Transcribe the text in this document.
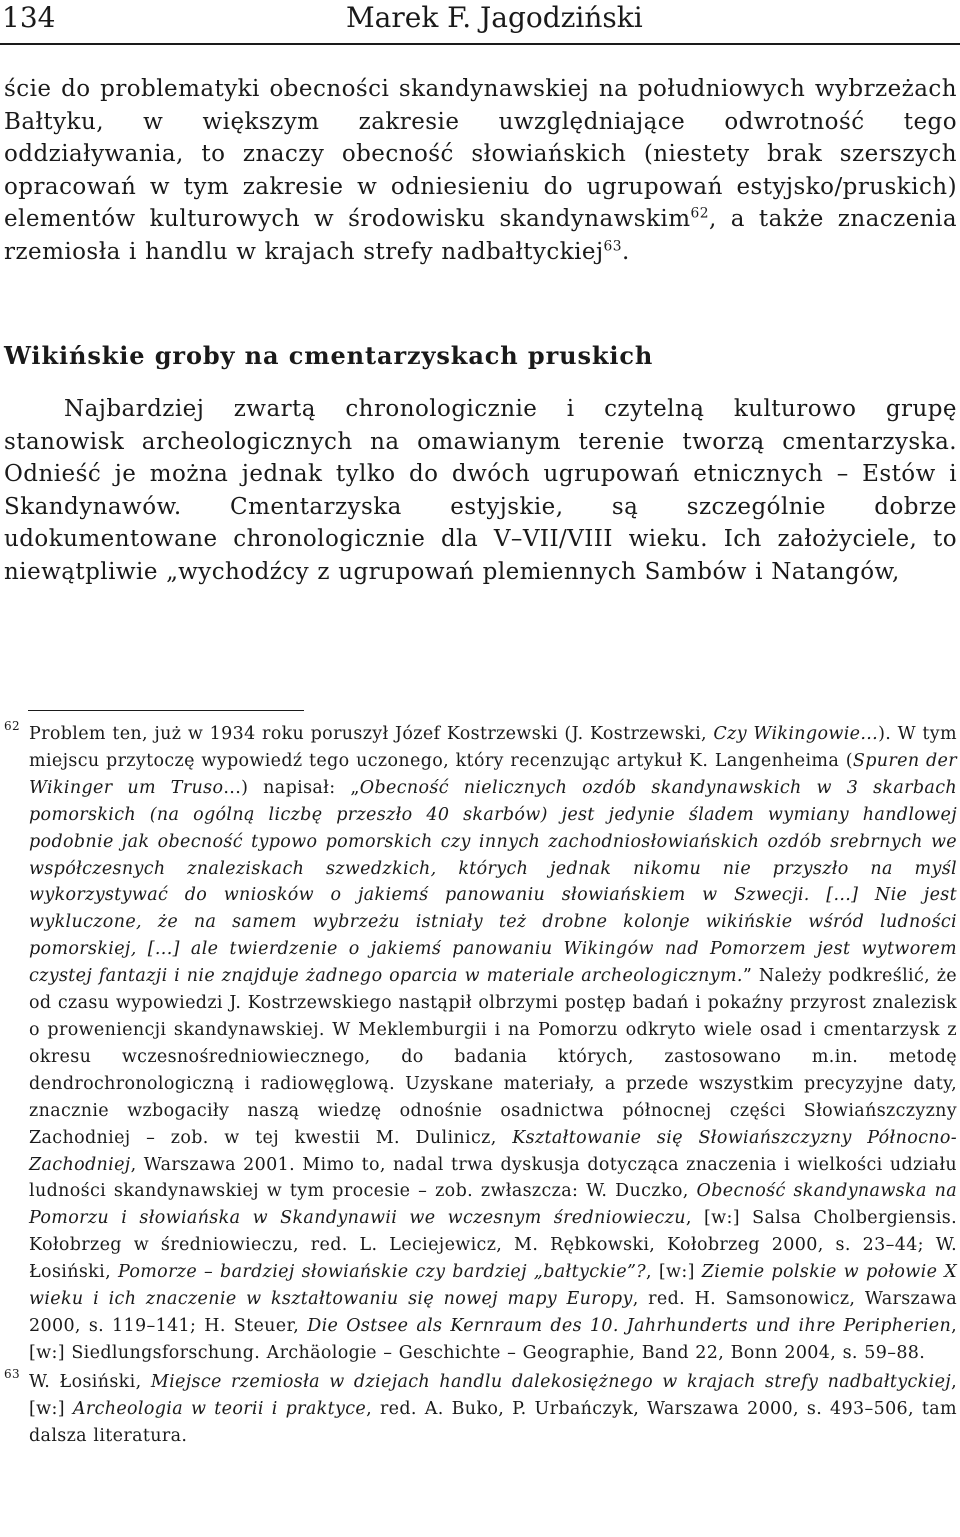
134	Marek F. Jagodziński

ście do problematyki obecności skandynawskiej na południowych wybrzeżach Bałtyku, w większym zakresie uwzględniające odwrotność tego oddziaływania, to znaczy obecność słowiańskich (niestety brak szerszych opracowań w tym zakresie w odniesieniu do ugrupowań estyjsko/pruskich) elementów kulturowych w środowisku skandynawskim$^{62}$, a także znaczenia rzemiosła i handlu w krajach strefy nadbałtyckiej$^{63}$.

Wikińskie groby na cmentarzyskach pruskich

Najbardziej zwartą chronologicznie i czytelną kulturowo grupę stanowisk archeologicznych na omawianym terenie tworzą cmentarzyska. Odnieść je można jednak tylko do dwóch ugrupowań etnicznych – Estów i Skandynawów. Cmentarzyska estyjskie, są szczególnie dobrze udokumentowane chronologicznie dla V–VII/VIII wieku. Ich założyciele, to niewątpliwie „wychodźcy z ugrupowań plemiennych Sambów i Natangów,

62 Problem ten, już w 1934 roku poruszył Józef Kostrzewski (J. Kostrzewski, Czy Wikingowie...). W tym miejscu przytoczę wypowiedź tego uczonego, który recenzując artykuł K. Langenheima (Spuren der Wikinger um Truso...) napisał: „Obecność nielicznych ozdób skandynawskich w 3 skarbach pomorskich (na ogólną liczbę przeszło 40 skarbów) jest jedynie śladem wymiany handlowej podobnie jak obecność typowo pomorskich czy innych zachodniosłowiańskich ozdób srebrnych we współczesnych znaleziskach szwedzkich, których jednak nikomu nie przyszło na myśl wykorzystywać do wniosków o jakiemś panowaniu słowiańskiem w Szwecji. [...] Nie jest wykluczone, że na samem wybrzeżu istniały też drobne kolonje wikińskie wśród ludności pomorskiej, [...] ale twierdzenie o jakiemś panowaniu Wikingów nad Pomorzem jest wytworem czystej fantazji i nie znajduje żadnego oparcia w materiale archeologicznym.” Należy podkreślić, że od czasu wypowiedzi J. Kostrzewskiego nastąpił olbrzymi postęp badań i pokaźny przyrost znalezisk o proweniencji skandynawskiej. W Meklemburgii i na Pomorzu odkryto wiele osad i cmentarzysk z okresu wczesnośredniowiecznego, do badania których, zastosowano m.in. metodę dendrochronologiczną i radiowęglową. Uzyskane materiały, a przede wszystkim precyzyjne daty, znacznie wzbogaciły naszą wiedzę odnośnie osadnictwa północnej części Słowiańszczyzny Zachodniej – zob. w tej kwestii M. Dulinicz, Kształtowanie się Słowiańszczyzny Północno-Zachodniej, Warszawa 2001. Mimo to, nadal trwa dyskusja dotycząca znaczenia i wielkości udziału ludności skandynawskiej w tym procesie – zob. zwłaszcza: W. Duczko, Obecność skandynawska na Pomorzu i słowiańska w Skandynawii we wczesnym średniowieczu, [w:] Salsa Cholbergiensis. Kołobrzeg w średniowieczu, red. L. Leciejewicz, M. Rębkowski, Kołobrzeg 2000, s. 23–44; W. Łosiński, Pomorze – bardziej słowiańskie czy bardziej „bałtyckie”?, [w:] Ziemie polskie w połowie X wieku i ich znaczenie w kształtowaniu się nowej mapy Europy, red. H. Samsonowicz, Warszawa 2000, s. 119–141; H. Steuer, Die Ostsee als Kernraum des 10. Jahrhunderts und ihre Peripherien, [w:] Siedlungsforschung. Archäologie – Geschichte – Geographie, Band 22, Bonn 2004, s. 59–88.

63 W. Łosiński, Miejsce rzemiosła w dziejach handlu dalekosiężnego w krajach strefy nadbałtyckiej, [w:] Archeologia w teorii i praktyce, red. A. Buko, P. Urbańczyk, Warszawa 2000, s. 493–506, tam dalsza literatura.
